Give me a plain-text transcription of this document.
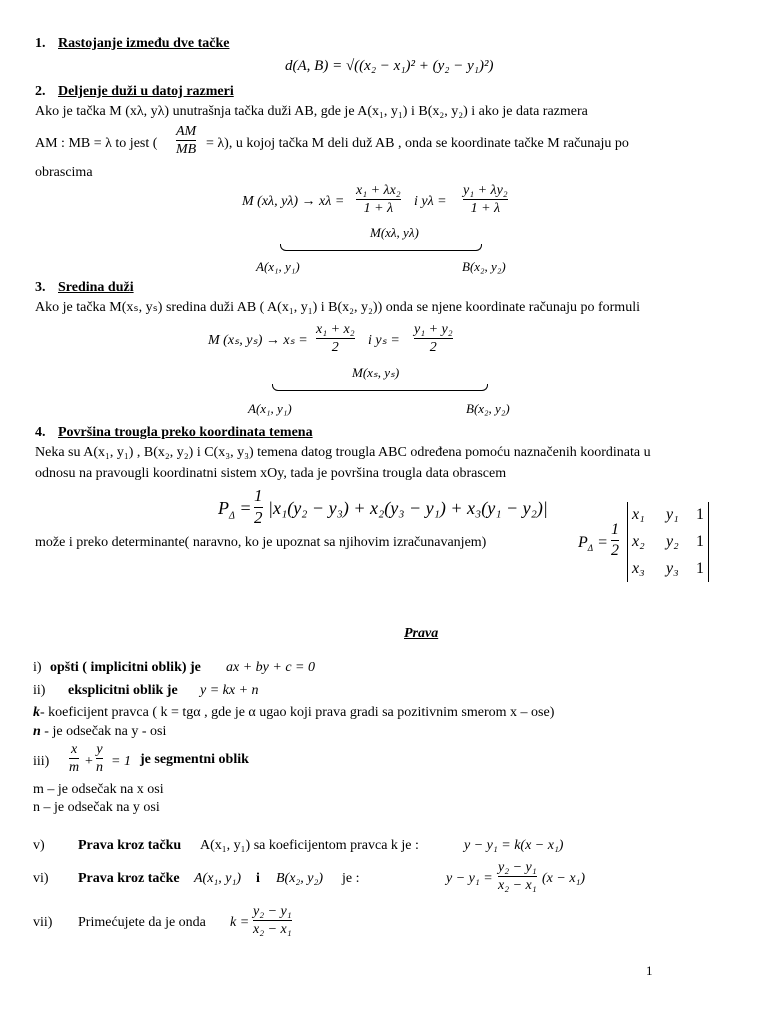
1. Rastojanje između dve tačke
d(A, B) = √((x₂ − x₁)² + (y₂ − y₁)²)
2. Deljenje duži u datoj razmeri
Ako je tačka M (xλ, yλ) unutrašnja tačka duži AB, gde je A(x₁, y₁) i B(x₂, y₂) i ako je data razmera
AM : MB = λ to jest (
AM
MB = λ), u kojoj tačka M deli duž AB , onda se koordinate tačke M računaju po
obrascima
M (xλ, yλ) → xλ =
x₁ + λx₂
1 + λ i yλ =
y₁ + λy₂
1 + λ
M(xλ, yλ)
A(x₁, y₁)	B(x₂, y₂)
3. Sredina duži
Ako je tačka M(xₛ, yₛ) sredina duži AB ( A(x₁, y₁) i B(x₂, y₂)) onda se njene koordinate računaju po formuli
M (xₛ, yₛ) → xₛ =
x₁ + x₂
2 i yₛ =
y₁ + y₂
2
M(xₛ, yₛ)
A(x₁, y₁)	B(x₂, y₂)
4. Površina trougla preko koordinata temena
Neka su A(x₁, y₁) , B(x₂, y₂) i C(x₃, y₃) temena datog trougla ABC određena pomoću naznačenih koordinata u
odnosu na pravougli koordinatni sistem xOy, tada je površina trougla data obrascem
$P_\Delta$ =
1
2 |x₁(y₂ − y₃) + x₂(y₃ − y₁) + x₃(y₁ − y₂)|
može i preko determinante( naravno, ko je upoznat sa njihovim izračunavanjem)	$P_\Delta$ =
1
2
x₁ y₁ 1
x₂ y₂ 1
x₃ y₃ 1
Prava
i) opšti ( implicitni oblik) je ax + by + c = 0
ii) eksplicitni oblik je y = kx + n
k- koeficijent pravca ( k = tgα , gde je α ugao koji prava gradi sa pozitivnim smerom x – ose)
n - je odsečak na y - osi
iii)
x
m +
y
n = 1 je segmentni oblik
m – je odsečak na x osi
n – je odsečak na y osi
v) Prava kroz tačku A(x₁, y₁) sa koeficijentom pravca k je :	y − y₁ = k(x − x₁)
vi) Prava kroz tačke A(x₁, y₁) i B(x₂, y₂) je :	y − y₁ =
y₂ − y₁
x₂ − x₁ (x − x₁)
vii) Primećujete da je onda k =
y₂ − y₁
x₂ − x₁
1
